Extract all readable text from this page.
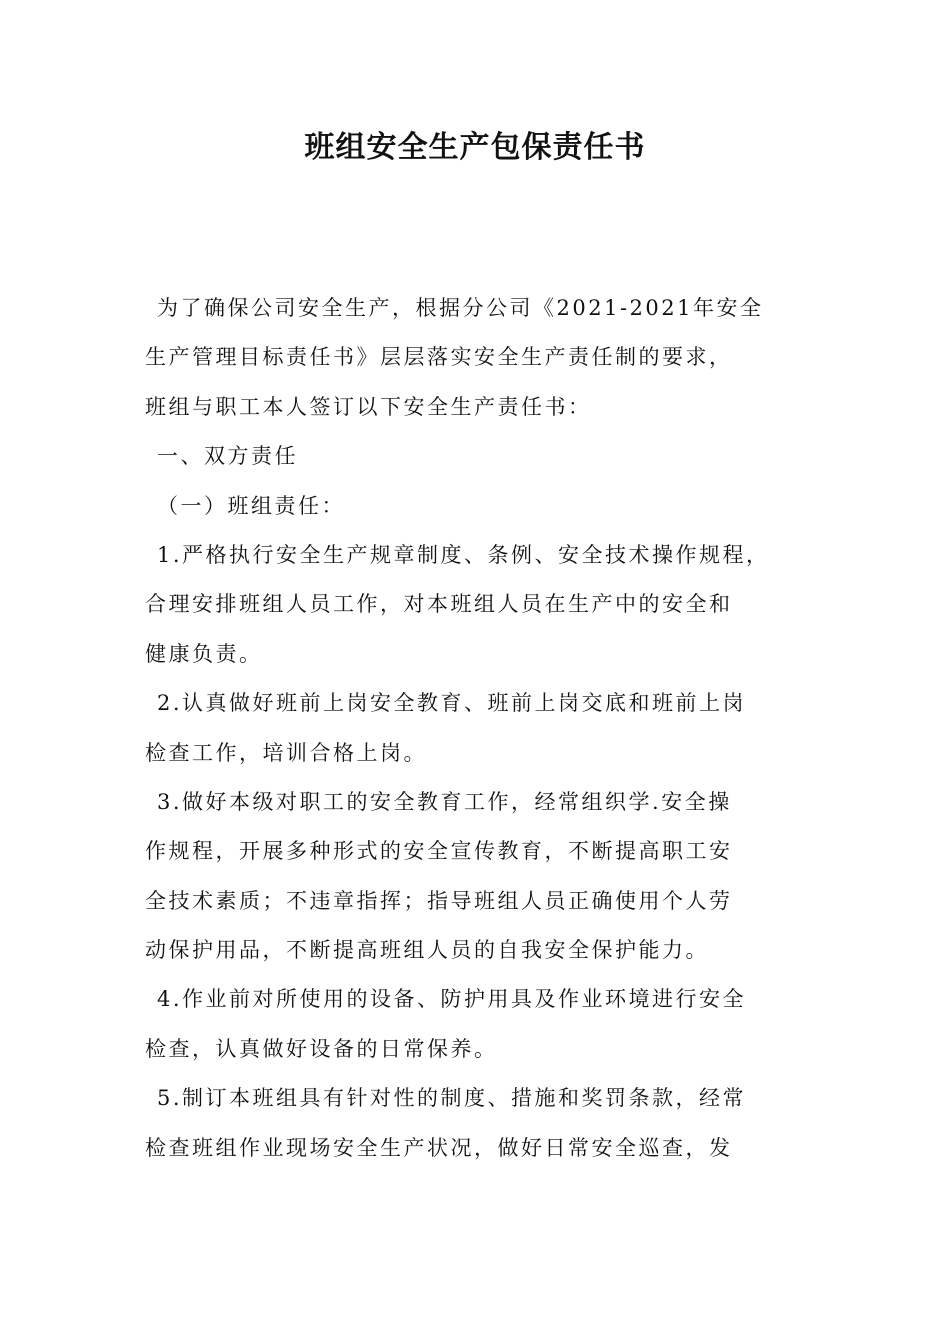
班组安全生产包保责任书
为了确保公司安全生产，根据分公司《2021-2021年安全
生产管理目标责任书》层层落实安全生产责任制的要求，
班组与职工本人签订以下安全生产责任书：
一、双方责任
（一）班组责任：
1.严格执行安全生产规章制度、条例、安全技术操作规程，
合理安排班组人员工作，对本班组人员在生产中的安全和
健康负责。
2.认真做好班前上岗安全教育、班前上岗交底和班前上岗
检查工作，培训合格上岗。
3.做好本级对职工的安全教育工作，经常组织学.安全操
作规程，开展多种形式的安全宣传教育，不断提高职工安
全技术素质；不违章指挥；指导班组人员正确使用个人劳
动保护用品，不断提高班组人员的自我安全保护能力。
4.作业前对所使用的设备、防护用具及作业环境进行安全
检查，认真做好设备的日常保养。
5.制订本班组具有针对性的制度、措施和奖罚条款，经常
检查班组作业现场安全生产状况，做好日常安全巡查，发
